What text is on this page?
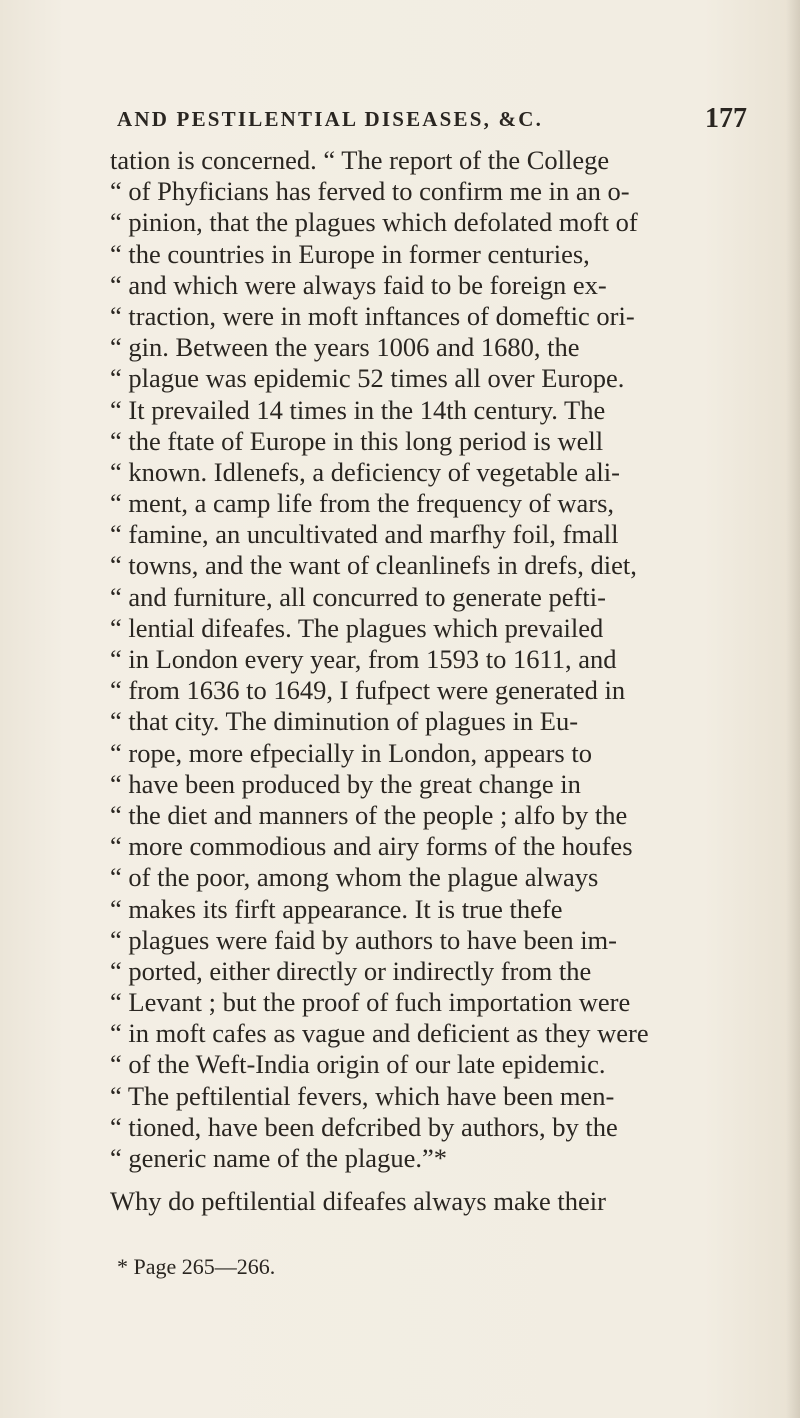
AND PESTILENTIAL DISEASES, &C.	177
tation is concerned. “ The report of the College
“ of Phyficians has ferved to confirm me in an o-
“ pinion, that the plagues which defolated moft of
“ the countries in Europe in former centuries,
“ and which were always faid to be foreign ex-
“ traction, were in moft inftances of domeftic ori-
“ gin. Between the years 1006 and 1680, the
“ plague was epidemic 52 times all over Europe.
“ It prevailed 14 times in the 14th century. The
“ the ftate of Europe in this long period is well
“ known. Idlenefs, a deficiency of vegetable ali-
“ ment, a camp life from the frequency of wars,
“ famine, an uncultivated and marfhy foil, fmall
“ towns, and the want of cleanlinefs in drefs, diet,
“ and furniture, all concurred to generate pefti-
“ lential difeafes. The plagues which prevailed
“ in London every year, from 1593 to 1611, and
“ from 1636 to 1649, I fufpect were generated in
“ that city. The diminution of plagues in Eu-
“ rope, more efpecially in London, appears to
“ have been produced by the great change in
“ the diet and manners of the people ; alfo by the
“ more commodious and airy forms of the houfes
“ of the poor, among whom the plague always
“ makes its firft appearance. It is true thefe
“ plagues were faid by authors to have been im-
“ ported, either directly or indirectly from the
“ Levant ; but the proof of fuch importation were
“ in moft cafes as vague and deficient as they were
“ of the Weft-India origin of our late epidemic.
“ The peftilential fevers, which have been men-
“ tioned, have been defcribed by authors, by the
“ generic name of the plague.”*
Why do peftilential difeafes always make their
* Page 265—266.
